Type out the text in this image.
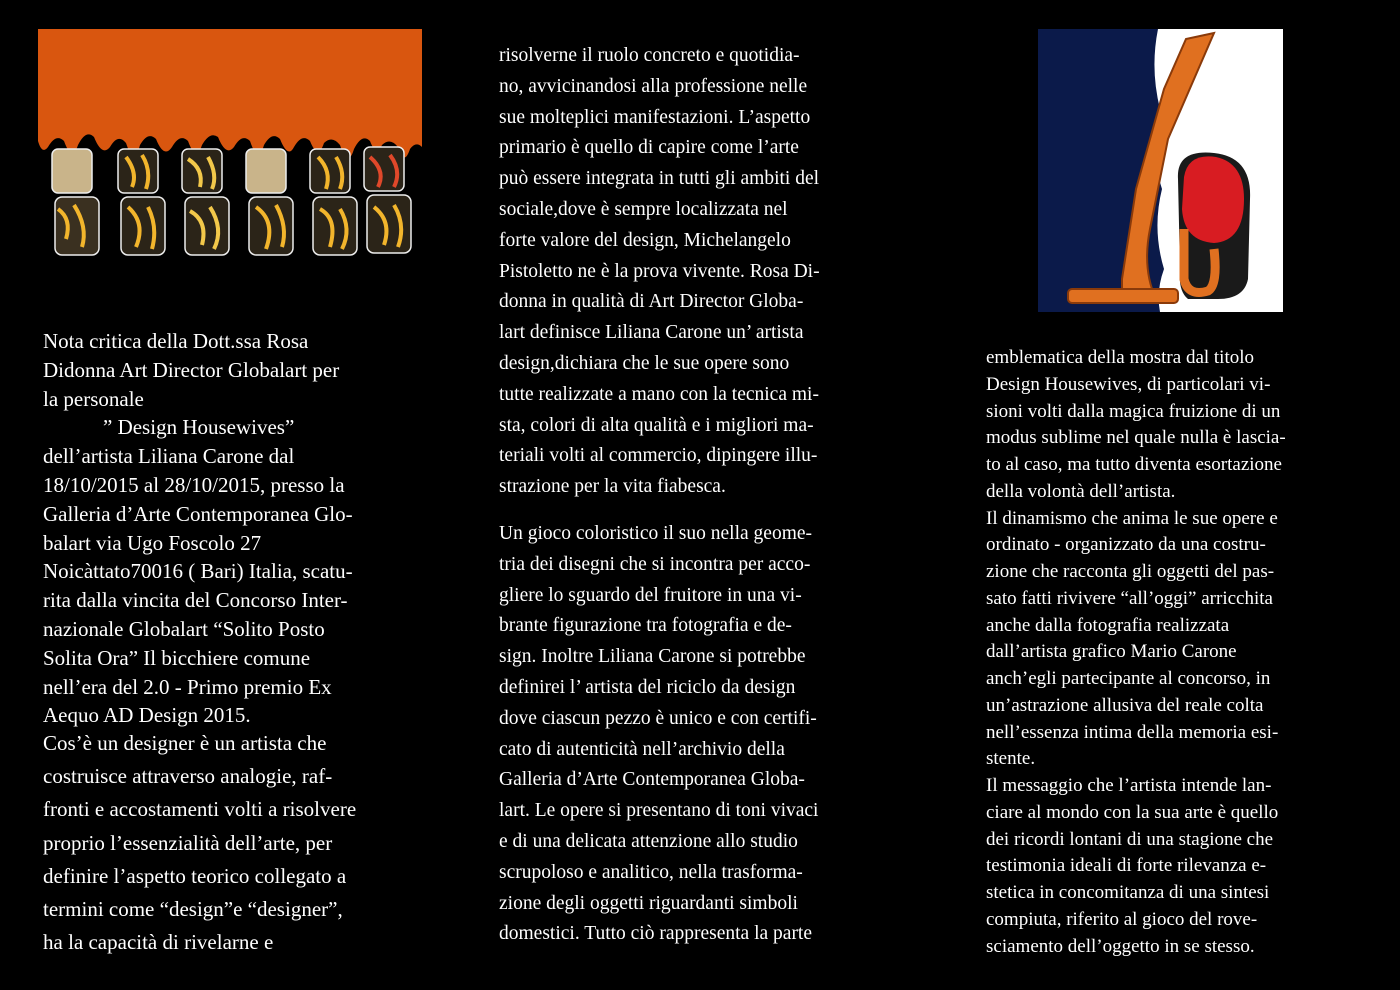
Nota critica della Dott.ssa Rosa
Didonna Art Director Globalart per
la personale
” Design Housewives”
dell’artista Liliana Carone dal
18/10/2015 al 28/10/2015, presso la
Galleria d’Arte Contemporanea Glo-
balart via Ugo Foscolo 27
Noicàttato70016 ( Bari) Italia, scatu-
rita dalla vincita del Concorso Inter-
nazionale Globalart “Solito Posto
Solita Ora” Il bicchiere comune
nell’era del 2.0 - Primo premio Ex
Aequo AD Design 2015.
Cos’è un designer è un artista che
costruisce attraverso analogie, raf-
fronti e accostamenti volti a risolvere
proprio l’essenzialità dell’arte, per
definire l’aspetto teorico collegato a
termini come “design”e “designer”,
ha la capacità di rivelarne e
risolverne il ruolo concreto e quotidia-
no, avvicinandosi alla professione nelle
sue molteplici manifestazioni. L’aspetto
primario è quello di capire come l’arte
può essere integrata in tutti gli ambiti del
sociale,dove è sempre localizzata nel
forte valore del design, Michelangelo
Pistoletto ne è la prova vivente. Rosa Di-
donna in qualità di Art Director Globa-
lart definisce Liliana Carone un’ artista
design,dichiara che le sue opere sono
tutte realizzate a mano con la tecnica mi-
sta, colori di alta qualità e i migliori ma-
teriali volti al commercio, dipingere illu-
strazione per la vita fiabesca.
Un gioco coloristico il suo nella geome-
tria dei disegni che si incontra per acco-
gliere lo sguardo del fruitore in una vi-
brante figurazione tra fotografia e de-
sign. Inoltre Liliana Carone si potrebbe
definirei l’ artista del riciclo da design
dove ciascun pezzo è unico e con certifi-
cato di autenticità nell’archivio della
Galleria d’Arte Contemporanea Globa-
lart. Le opere si presentano di toni vivaci
e di una delicata attenzione allo studio
scrupoloso e analitico, nella trasforma-
zione degli oggetti riguardanti simboli
domestici. Tutto ciò rappresenta la parte
emblematica della mostra dal titolo
Design Housewives, di particolari vi-
sioni volti dalla magica fruizione di un
modus sublime nel quale nulla è lascia-
to al caso, ma tutto diventa esortazione
della volontà dell’artista.
Il dinamismo che anima le sue opere e
ordinato - organizzato da una costru-
zione che racconta gli oggetti del pas-
sato fatti rivivere “all’oggi” arricchita
anche dalla fotografia realizzata
dall’artista grafico Mario Carone
anch’egli partecipante al concorso, in
un’astrazione allusiva del reale colta
nell’essenza intima della memoria esi-
stente.
Il messaggio che l’artista intende lan-
ciare al mondo con la sua arte è quello
dei ricordi lontani di una stagione che
testimonia ideali di forte rilevanza e-
stetica in concomitanza di una sintesi
compiuta, riferito al gioco del rove-
sciamento dell’oggetto in se stesso.
